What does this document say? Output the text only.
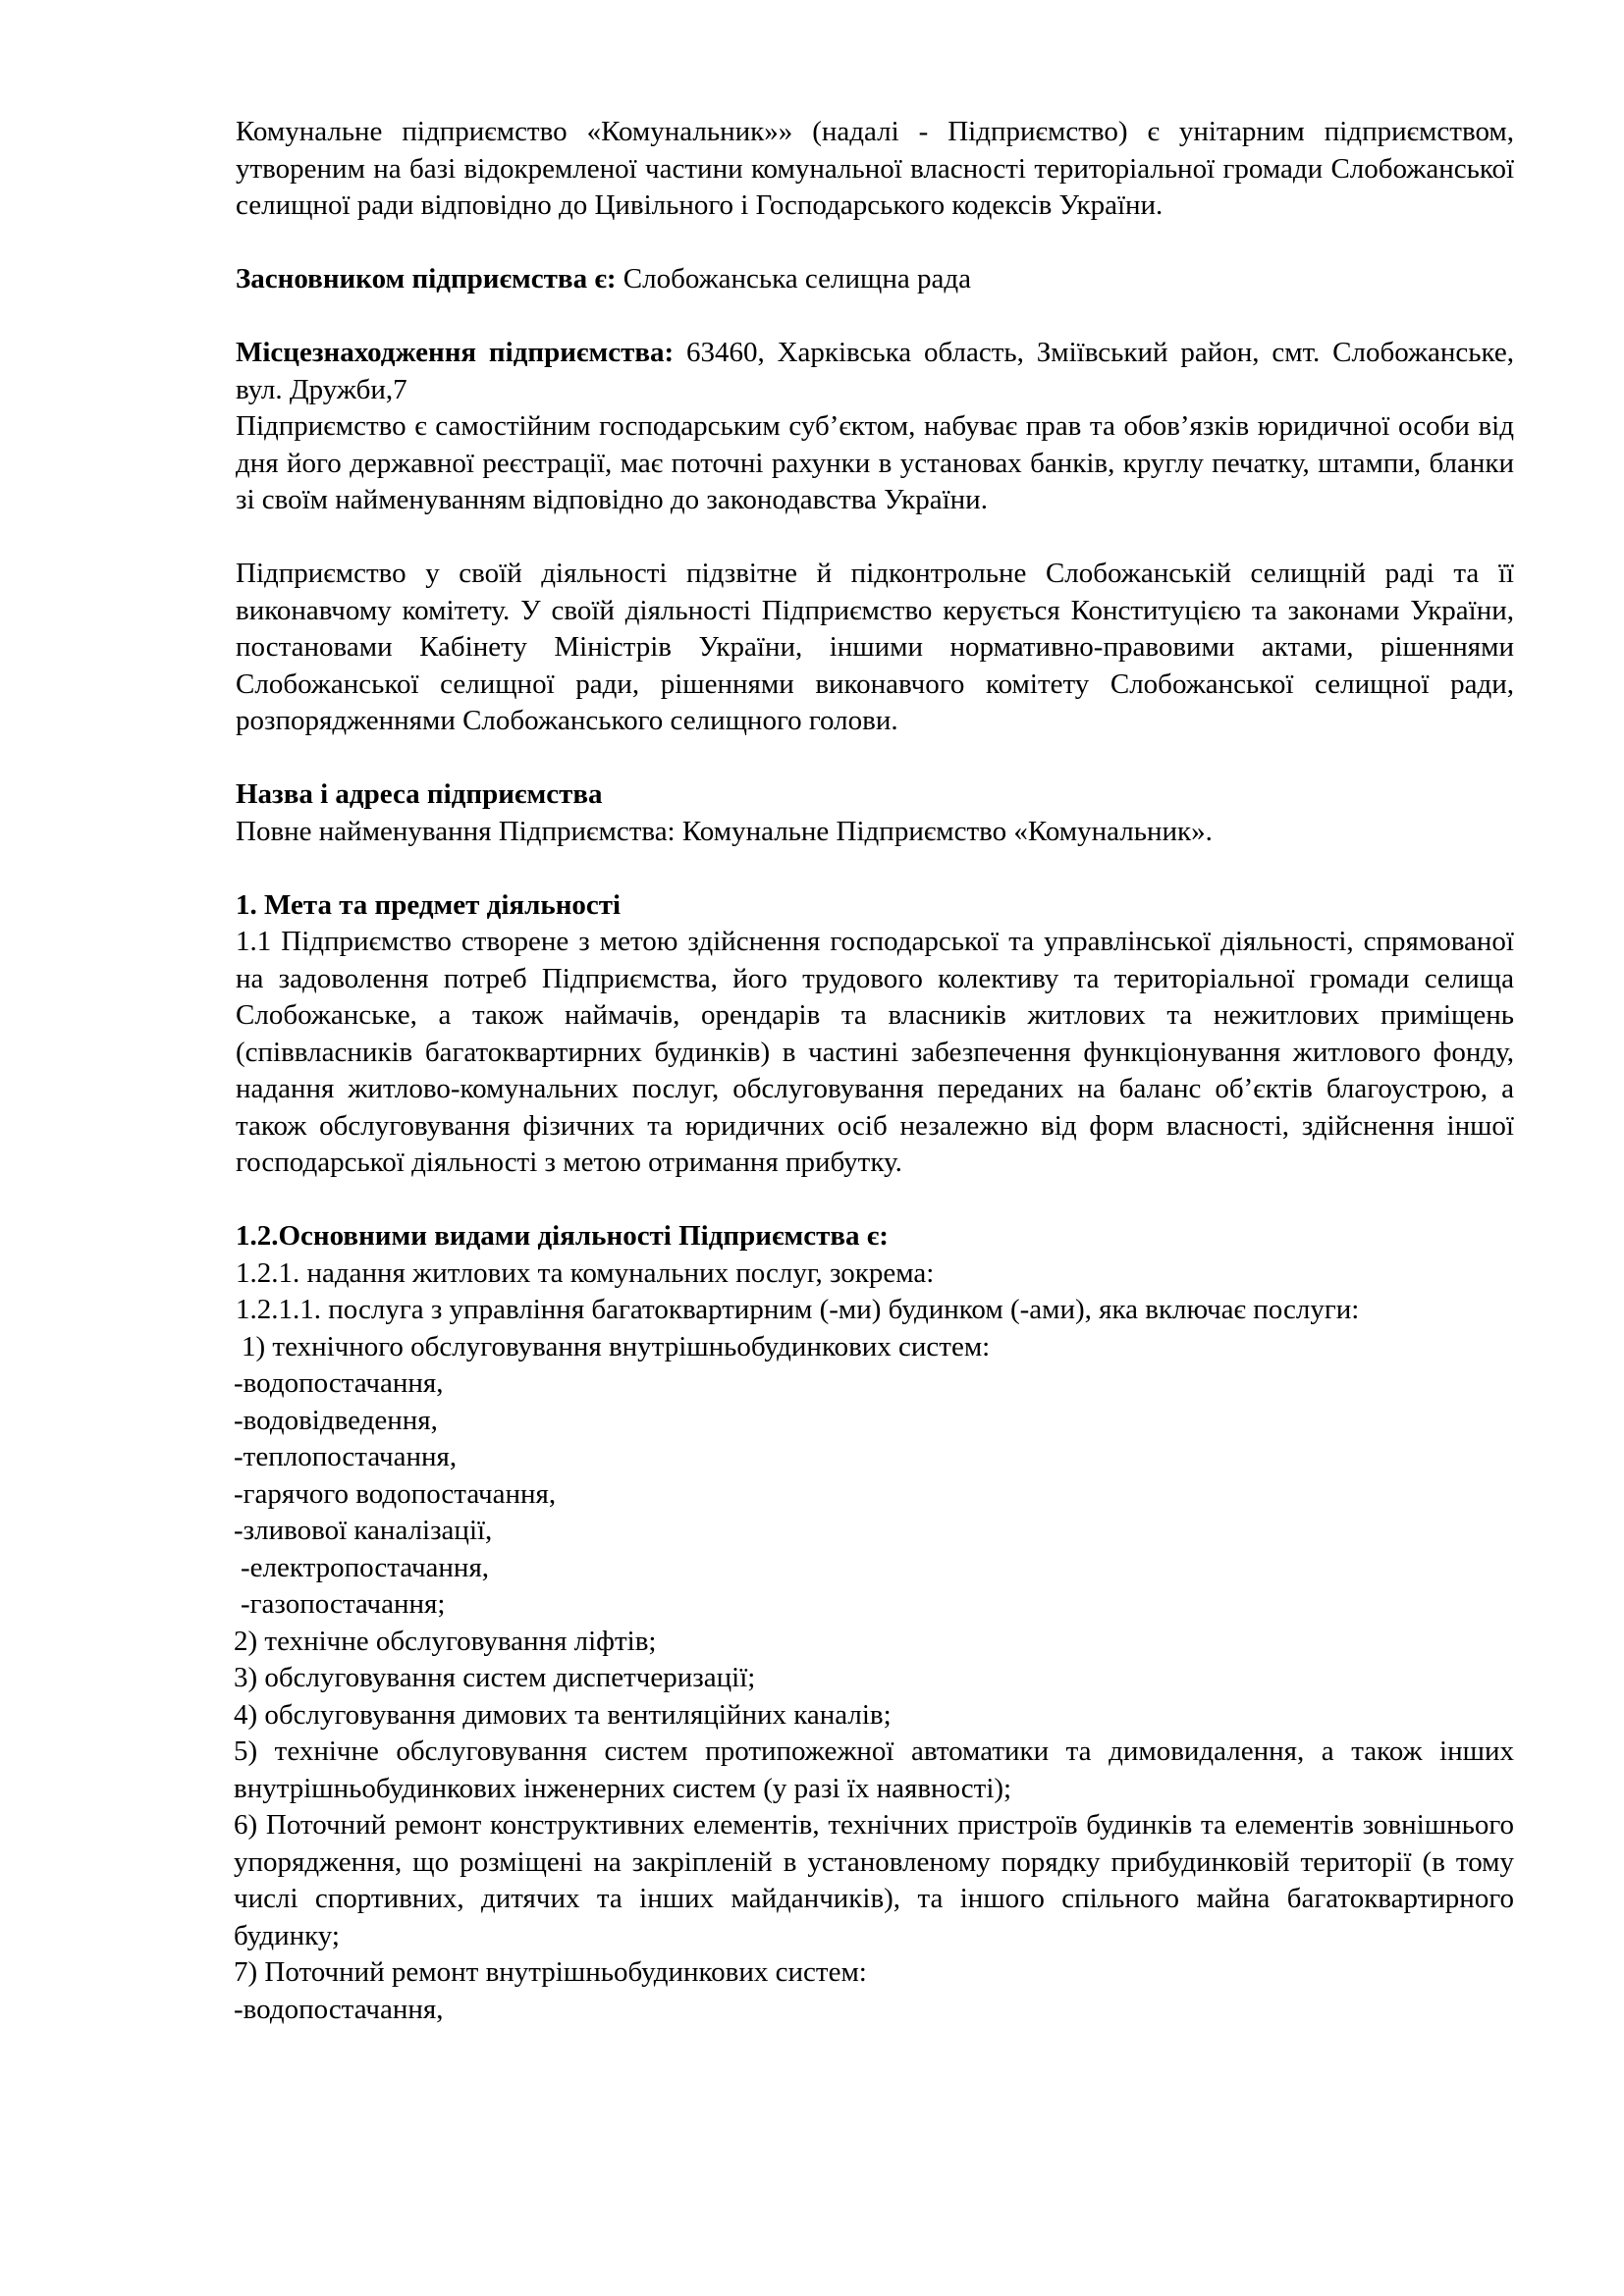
Комунальне підприємство «Комунальник»» (надалі - Підприємство) є унітарним підприємством, утвореним на базі відокремленої частини комунальної власності територіальної громади Слобожанської селищної ради відповідно до Цивільного і Господарського кодексів України.

Засновником підприємства є: Слобожанська селищна рада

Місцезнаходження підприємства: 63460, Харківська область, Зміївський район, смт. Слобожанське, вул. Дружби,7

Підприємство є самостійним господарським суб’єктом, набуває прав та обов’язків юридичної особи від дня його державної реєстрації, має поточні рахунки в установах банків, круглу печатку, штампи, бланки зі своїм найменуванням відповідно до законодавства України.

Підприємство у своїй діяльності підзвітне й підконтрольне Слобожанській селищній раді та її виконавчому комітету. У своїй діяльності Підприємство керується Конституцією та законами України, постановами Кабінету Міністрів України, іншими нормативно-правовими актами, рішеннями Слобожанської селищної ради, рішеннями виконавчого комітету Слобожанської селищної ради, розпорядженнями Слобожанського селищного голови.

Назва і адреса підприємства

Повне найменування Підприємства: Комунальне Підприємство «Комунальник».

1. Мета та предмет діяльності

1.1 Підприємство створене з метою здійснення господарської та управлінської діяльності, спрямованої на задоволення потреб Підприємства, його трудового колективу та територіальної громади селища Слобожанське, а також наймачів, орендарів та власників житлових та нежитлових приміщень (співвласників багатоквартирних будинків) в частині забезпечення функціонування житлового фонду, надання житлово-комунальних послуг, обслуговування переданих на баланс об’єктів благоустрою, а також обслуговування фізичних та юридичних осіб незалежно від форм власності, здійснення іншої господарської діяльності з метою отримання прибутку.

1.2.Основними видами діяльності Підприємства є:

1.2.1. надання житлових та комунальних послуг, зокрема:

1.2.1.1. послуга з управління багатоквартирним (-ми) будинком (-ами), яка включає послуги:

1) технічного обслуговування внутрішньобудинкових систем:

-водопостачання,

-водовідведення,

-теплопостачання,

-гарячого водопостачання,

-зливової каналізації,

-електропостачання,

-газопостачання;

2) технічне обслуговування ліфтів;

3) обслуговування систем диспетчеризації;

4) обслуговування димових та вентиляційних каналів;

5) технічне обслуговування систем протипожежної автоматики та димовидалення, а також інших внутрішньобудинкових інженерних систем (у разі їх наявності);

6) Поточний ремонт конструктивних елементів, технічних пристроїв будинків та елементів зовнішнього упорядження, що розміщені на закріпленій в установленому порядку прибудинковій території (в тому числі спортивних, дитячих та інших майданчиків), та іншого спільного майна багатоквартирного будинку;

7) Поточний ремонт внутрішньобудинкових систем:

-водопостачання,
